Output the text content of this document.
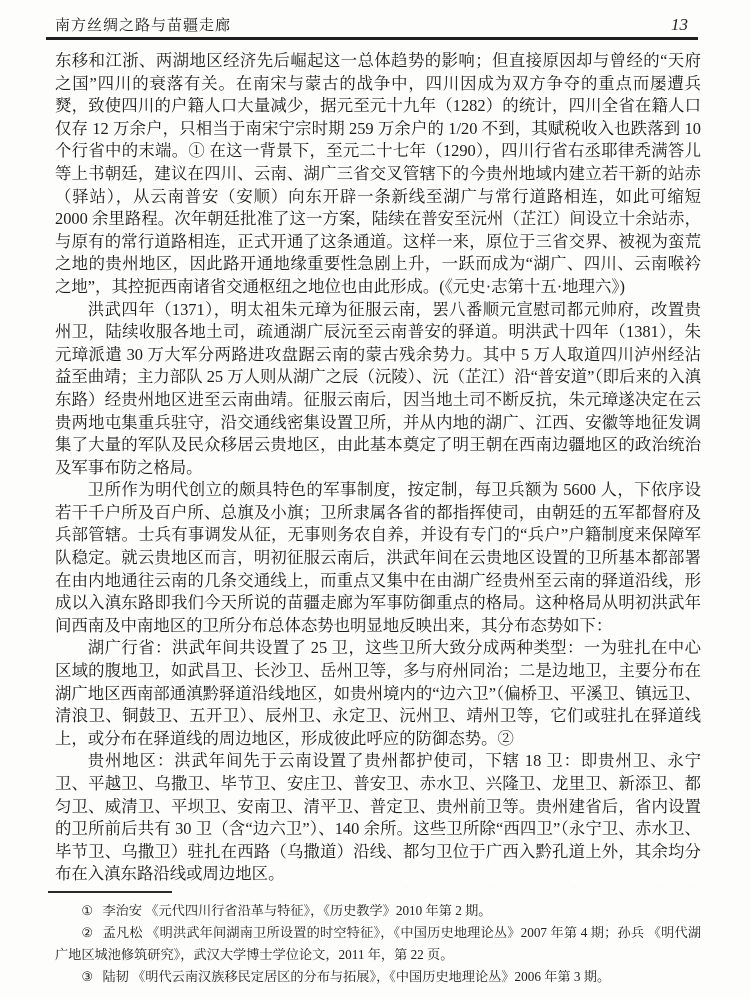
南方丝绸之路与苗疆走廊	13

东移和江浙、两湖地区经济先后崛起这一总体趋势的影响；但直接原因却与曾经的“天府之国”四川的衰落有关。在南宋与蒙古的战争中，四川因成为双方争夺的重点而屡遭兵燹，致使四川的户籍人口大量减少，据元至元十九年（1282）的统计，四川全省在籍人口仅存 12 万余户，只相当于南宋宁宗时期 259 万余户的 1/20 不到，其赋税收入也跌落到 10 个行省中的末端。① 在这一背景下，至元二十七年（1290），四川行省右丞耶律秃满答儿等上书朝廷，建议在四川、云南、湖广三省交叉管辖下的今贵州地域内建立若干新的站赤（驿站），从云南普安（安顺）向东开辟一条新线至湖广与常行道路相连，如此可缩短 2000 余里路程。次年朝廷批准了这一方案，陆续在普安至沅州（芷江）间设立十余站赤，与原有的常行道路相连，正式开通了这条通道。这样一来，原位于三省交界、被视为蛮荒之地的贵州地区，因此路开通地缘重要性急剧上升，一跃而成为“湖广、四川、云南喉衿之地”，其控扼西南诸省交通枢纽之地位也由此形成。(《元史·志第十五·地理六》)

洪武四年（1371），明太祖朱元璋为征服云南，罢八番顺元宣慰司都元帅府，改置贵州卫，陆续收服各地土司，疏通湖广辰沅至云南普安的驿道。明洪武十四年（1381），朱元璋派遣 30 万大军分两路进攻盘踞云南的蒙古残余势力。其中 5 万人取道四川泸州经沾益至曲靖；主力部队 25 万人则从湖广之辰（沅陵）、沅（芷江）沿“普安道”（即后来的入滇东路）经贵州地区进至云南曲靖。征服云南后，因当地土司不断反抗，朱元璋遂决定在云贵两地屯集重兵驻守，沿交通线密集设置卫所，并从内地的湖广、江西、安徽等地征发调集了大量的军队及民众移居云贵地区，由此基本奠定了明王朝在西南边疆地区的政治统治及军事布防之格局。

卫所作为明代创立的颇具特色的军事制度，按定制，每卫兵额为 5600 人，下依序设若干千户所及百户所、总旗及小旗；卫所隶属各省的都指挥使司，由朝廷的五军都督府及兵部管辖。士兵有事调发从征，无事则务农自养，并设有专门的“兵户”户籍制度来保障军队稳定。就云贵地区而言，明初征服云南后，洪武年间在云贵地区设置的卫所基本都部署在由内地通往云南的几条交通线上，而重点又集中在由湖广经贵州至云南的驿道沿线，形成以入滇东路即我们今天所说的苗疆走廊为军事防御重点的格局。这种格局从明初洪武年间西南及中南地区的卫所分布总体态势也明显地反映出来，其分布态势如下：

湖广行省：洪武年间共设置了 25 卫，这些卫所大致分成两种类型：一为驻扎在中心区域的腹地卫，如武昌卫、长沙卫、岳州卫等，多与府州同治；二是边地卫，主要分布在湖广地区西南部通滇黔驿道沿线地区，如贵州境内的“边六卫”（偏桥卫、平溪卫、镇远卫、清浪卫、铜鼓卫、五开卫）、辰州卫、永定卫、沅州卫、靖州卫等，它们或驻扎在驿道线上，或分布在驿道线的周边地区，形成彼此呼应的防御态势。②

贵州地区：洪武年间先于云南设置了贵州都护使司，下辖 18 卫：即贵州卫、永宁卫、平越卫、乌撒卫、毕节卫、安庄卫、普安卫、赤水卫、兴隆卫、龙里卫、新添卫、都匀卫、威清卫、平坝卫、安南卫、清平卫、普定卫、贵州前卫等。贵州建省后，省内设置的卫所前后共有 30 卫（含“边六卫”）、140 余所。这些卫所除“西四卫”（永宁卫、赤水卫、毕节卫、乌撒卫）驻扎在西路（乌撒道）沿线、都匀卫位于广西入黔孔道上外，其余均分布在入滇东路沿线或周边地区。

① 李治安 《元代四川行省沿革与特征》，《历史教学》2010 年第 2 期。

② 孟凡松 《明洪武年间湖南卫所设置的时空特征》，《中国历史地理论丛》2007 年第 4 期；孙兵 《明代湖广地区城池修筑研究》，武汉大学博士学位论文，2011 年，第 22 页。

③ 陆韧 《明代云南汉族移民定居区的分布与拓展》，《中国历史地理论丛》2006 年第 3 期。
